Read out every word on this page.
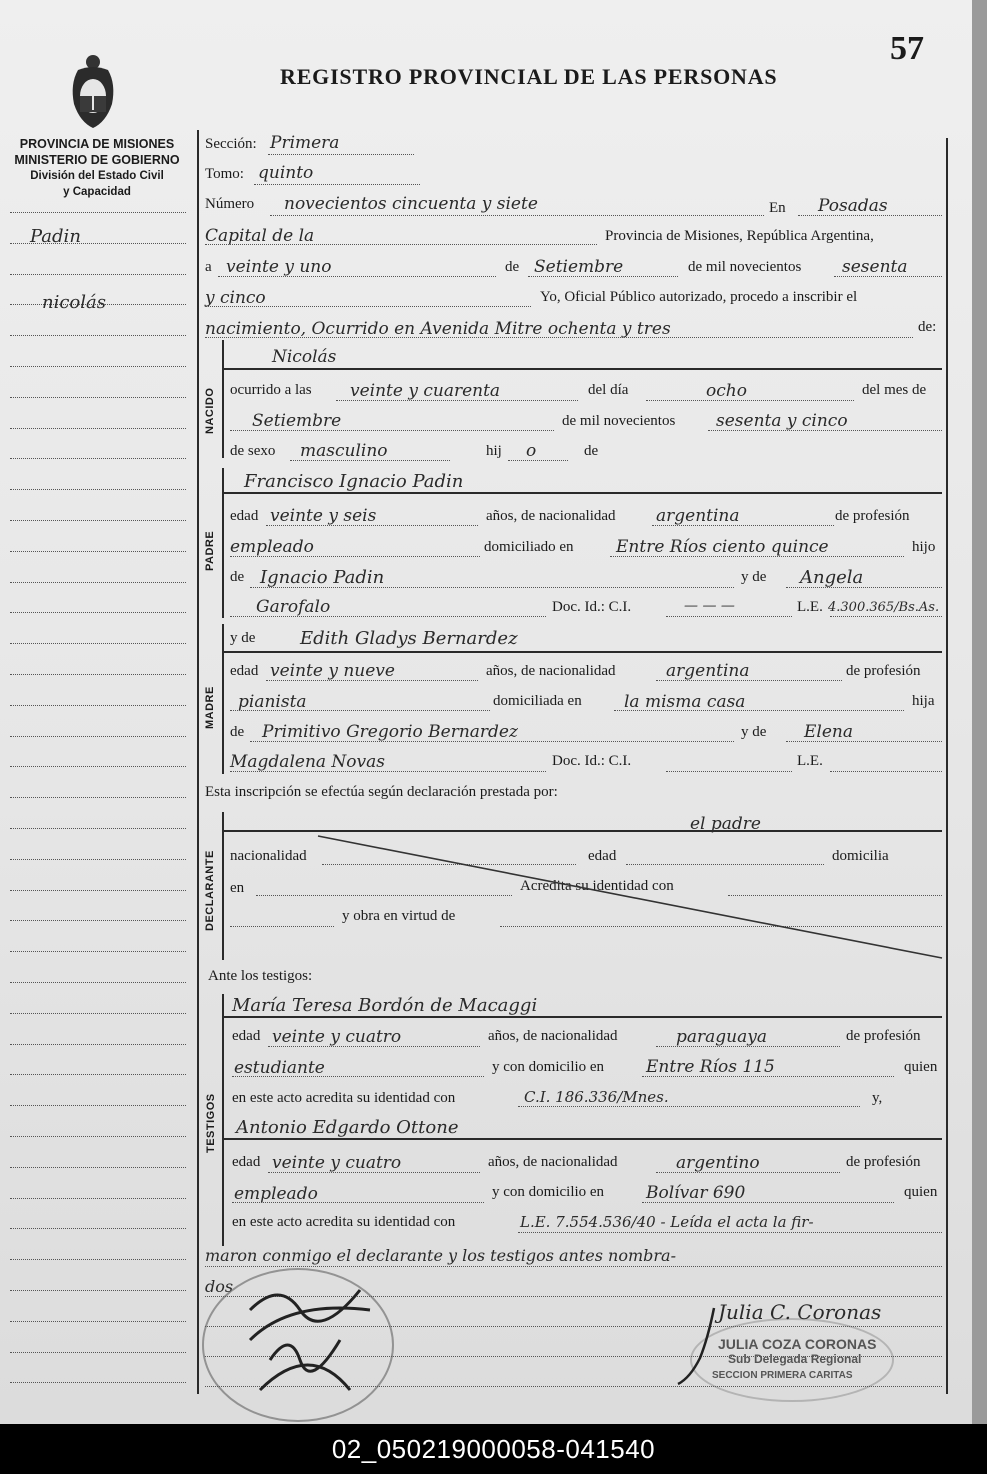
REGISTRO PROVINCIAL DE LAS PERSONAS
57
PROVINCIA DE MISIONES
MINISTERIO DE GOBIERNO
División del Estado Civil
y Capacidad
Padin
nicolás
NACIDO
PADRE
MADRE
DECLARANTE
TESTIGOS
Sección: Primera
Tomo: quinto
Número novecientos cincuenta y siete	En Posadas
Capital de la	Provincia de Misiones, República Argentina,
a veinte y uno	de Setiembre	de mil novecientos sesenta
y cinco	Yo, Oficial Público autorizado, procedo a inscribir el
nacimiento, Ocurrido en Avenida Mitre ochenta y tres	de:
Nicolás
ocurrido a las veinte y cuarenta	del día	ocho	del mes de
Setiembre	de mil novecientos sesenta y cinco
de sexo masculino	hij o	de
Francisco Ignacio Padin
edad veinte y seis	años, de nacionalidad argentina	de profesión
empleado	domiciliado en Entre Ríos ciento quince	hijo
de Ignacio Padin	y de Angela
Garofalo	Doc. Id.: C.I.	— — —	L.E. 4.300.365/Bs.As.
y de Edith Gladys Bernardez
edad veinte y nueve	años, de nacionalidad	argentina	de profesión
pianista	domiciliada en la misma casa	hija
de Primitivo Gregorio Bernardez	y de Elena
Magdalena Novas	Doc. Id.: C.I.	L.E.
Esta inscripción se efectúa según declaración prestada por:
el padre
nacionalidad	edad	domicilia
en	Acredita su identidad con
y obra en virtud de
Ante los testigos:
María Teresa Bordón de Macaggi
edad veinte y cuatro	años, de nacionalidad	paraguaya	de profesión
estudiante	y con domicilio en Entre Ríos 115	quien
en este acto acredita su identidad con	C.I. 186.336/Mnes.	y,
Antonio Edgardo Ottone
edad veinte y cuatro	años, de nacionalidad	argentino	de profesión
empleado	y con domicilio en Bolívar 690	quien
en este acto acredita su identidad con	L.E. 7.554.536/40 - Leída el acta la fir-
maron conmigo el declarante y los testigos antes nombra-
dos
Julia C. Coronas
JULIA COZA CORONAS
Sub Delegada Regional
SECCION PRIMERA CARITAS
02_050219000058-041540
